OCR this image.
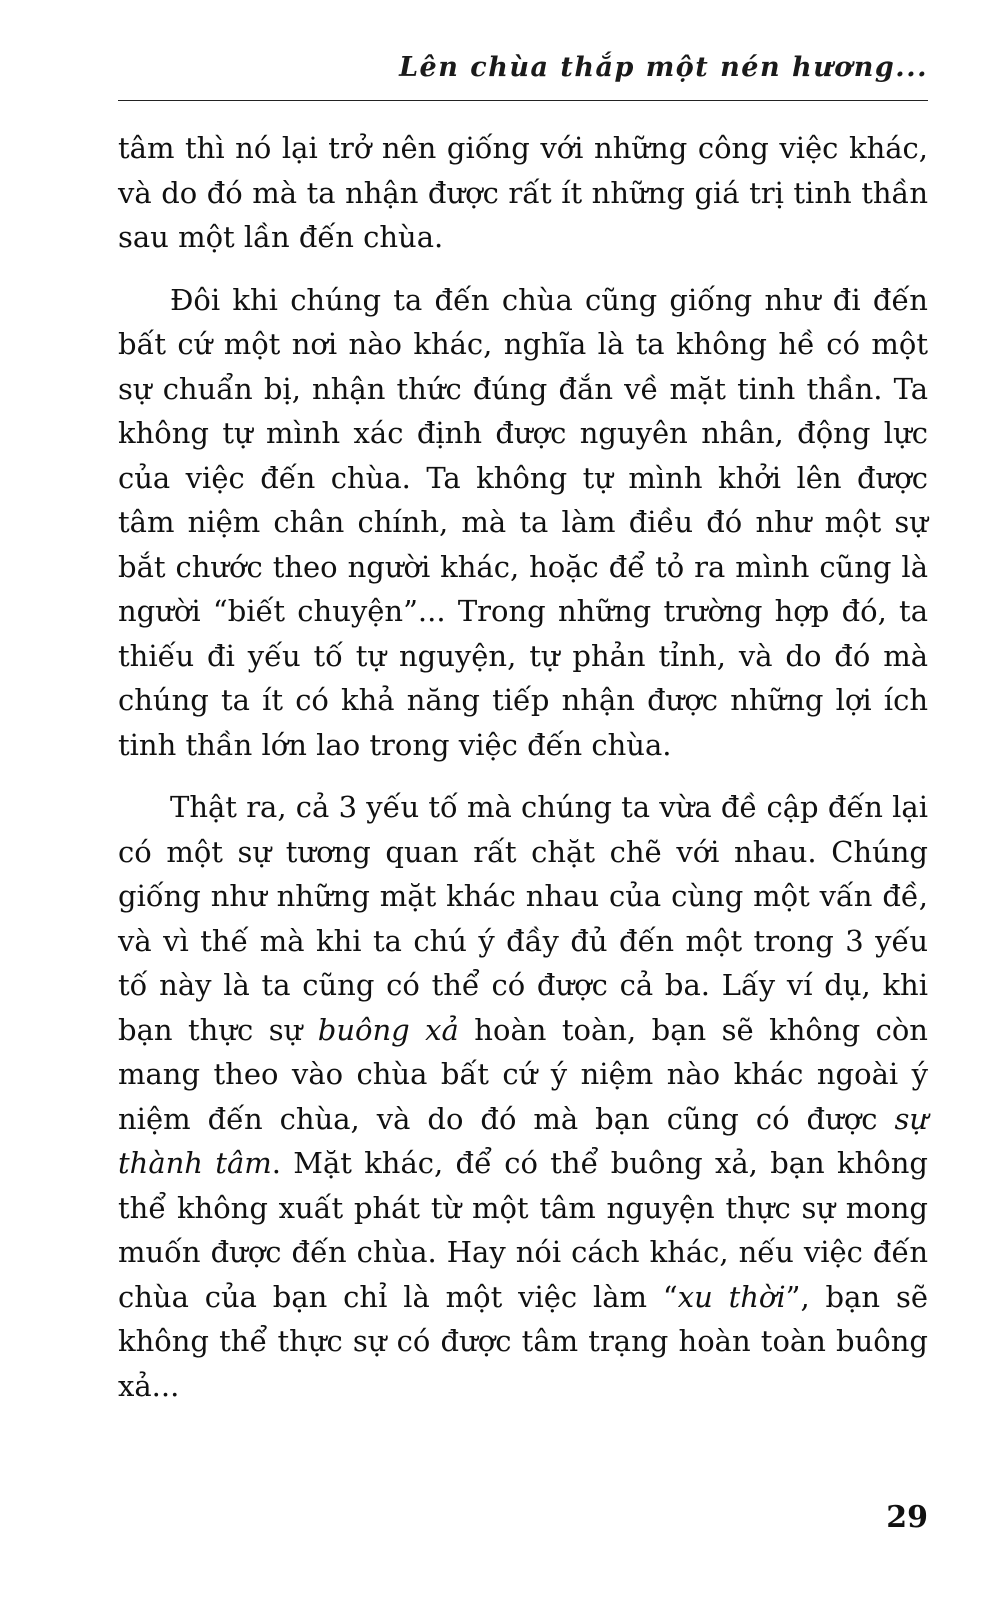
Lên chùa thắp một nén hương...

tâm thì nó lại trở nên giống với những công việc khác, và do đó mà ta nhận được rất ít những giá trị tinh thần sau một lần đến chùa.

Đôi khi chúng ta đến chùa cũng giống như đi đến bất cứ một nơi nào khác, nghĩa là ta không hề có một sự chuẩn bị, nhận thức đúng đắn về mặt tinh thần. Ta không tự mình xác định được nguyên nhân, động lực của việc đến chùa. Ta không tự mình khởi lên được tâm niệm chân chính, mà ta làm điều đó như một sự bắt chước theo người khác, hoặc để tỏ ra mình cũng là người “biết chuyện”... Trong những trường hợp đó, ta thiếu đi yếu tố tự nguyện, tự phản tỉnh, và do đó mà chúng ta ít có khả năng tiếp nhận được những lợi ích tinh thần lớn lao trong việc đến chùa.

Thật ra, cả 3 yếu tố mà chúng ta vừa đề cập đến lại có một sự tương quan rất chặt chẽ với nhau. Chúng giống như những mặt khác nhau của cùng một vấn đề, và vì thế mà khi ta chú ý đầy đủ đến một trong 3 yếu tố này là ta cũng có thể có được cả ba. Lấy ví dụ, khi bạn thực sự buông xả hoàn toàn, bạn sẽ không còn mang theo vào chùa bất cứ ý niệm nào khác ngoài ý niệm đến chùa, và do đó mà bạn cũng có được sự thành tâm. Mặt khác, để có thể buông xả, bạn không thể không xuất phát từ một tâm nguyện thực sự mong muốn được đến chùa. Hay nói cách khác, nếu việc đến chùa của bạn chỉ là một việc làm “xu thời”, bạn sẽ không thể thực sự có được tâm trạng hoàn toàn buông xả...

29
